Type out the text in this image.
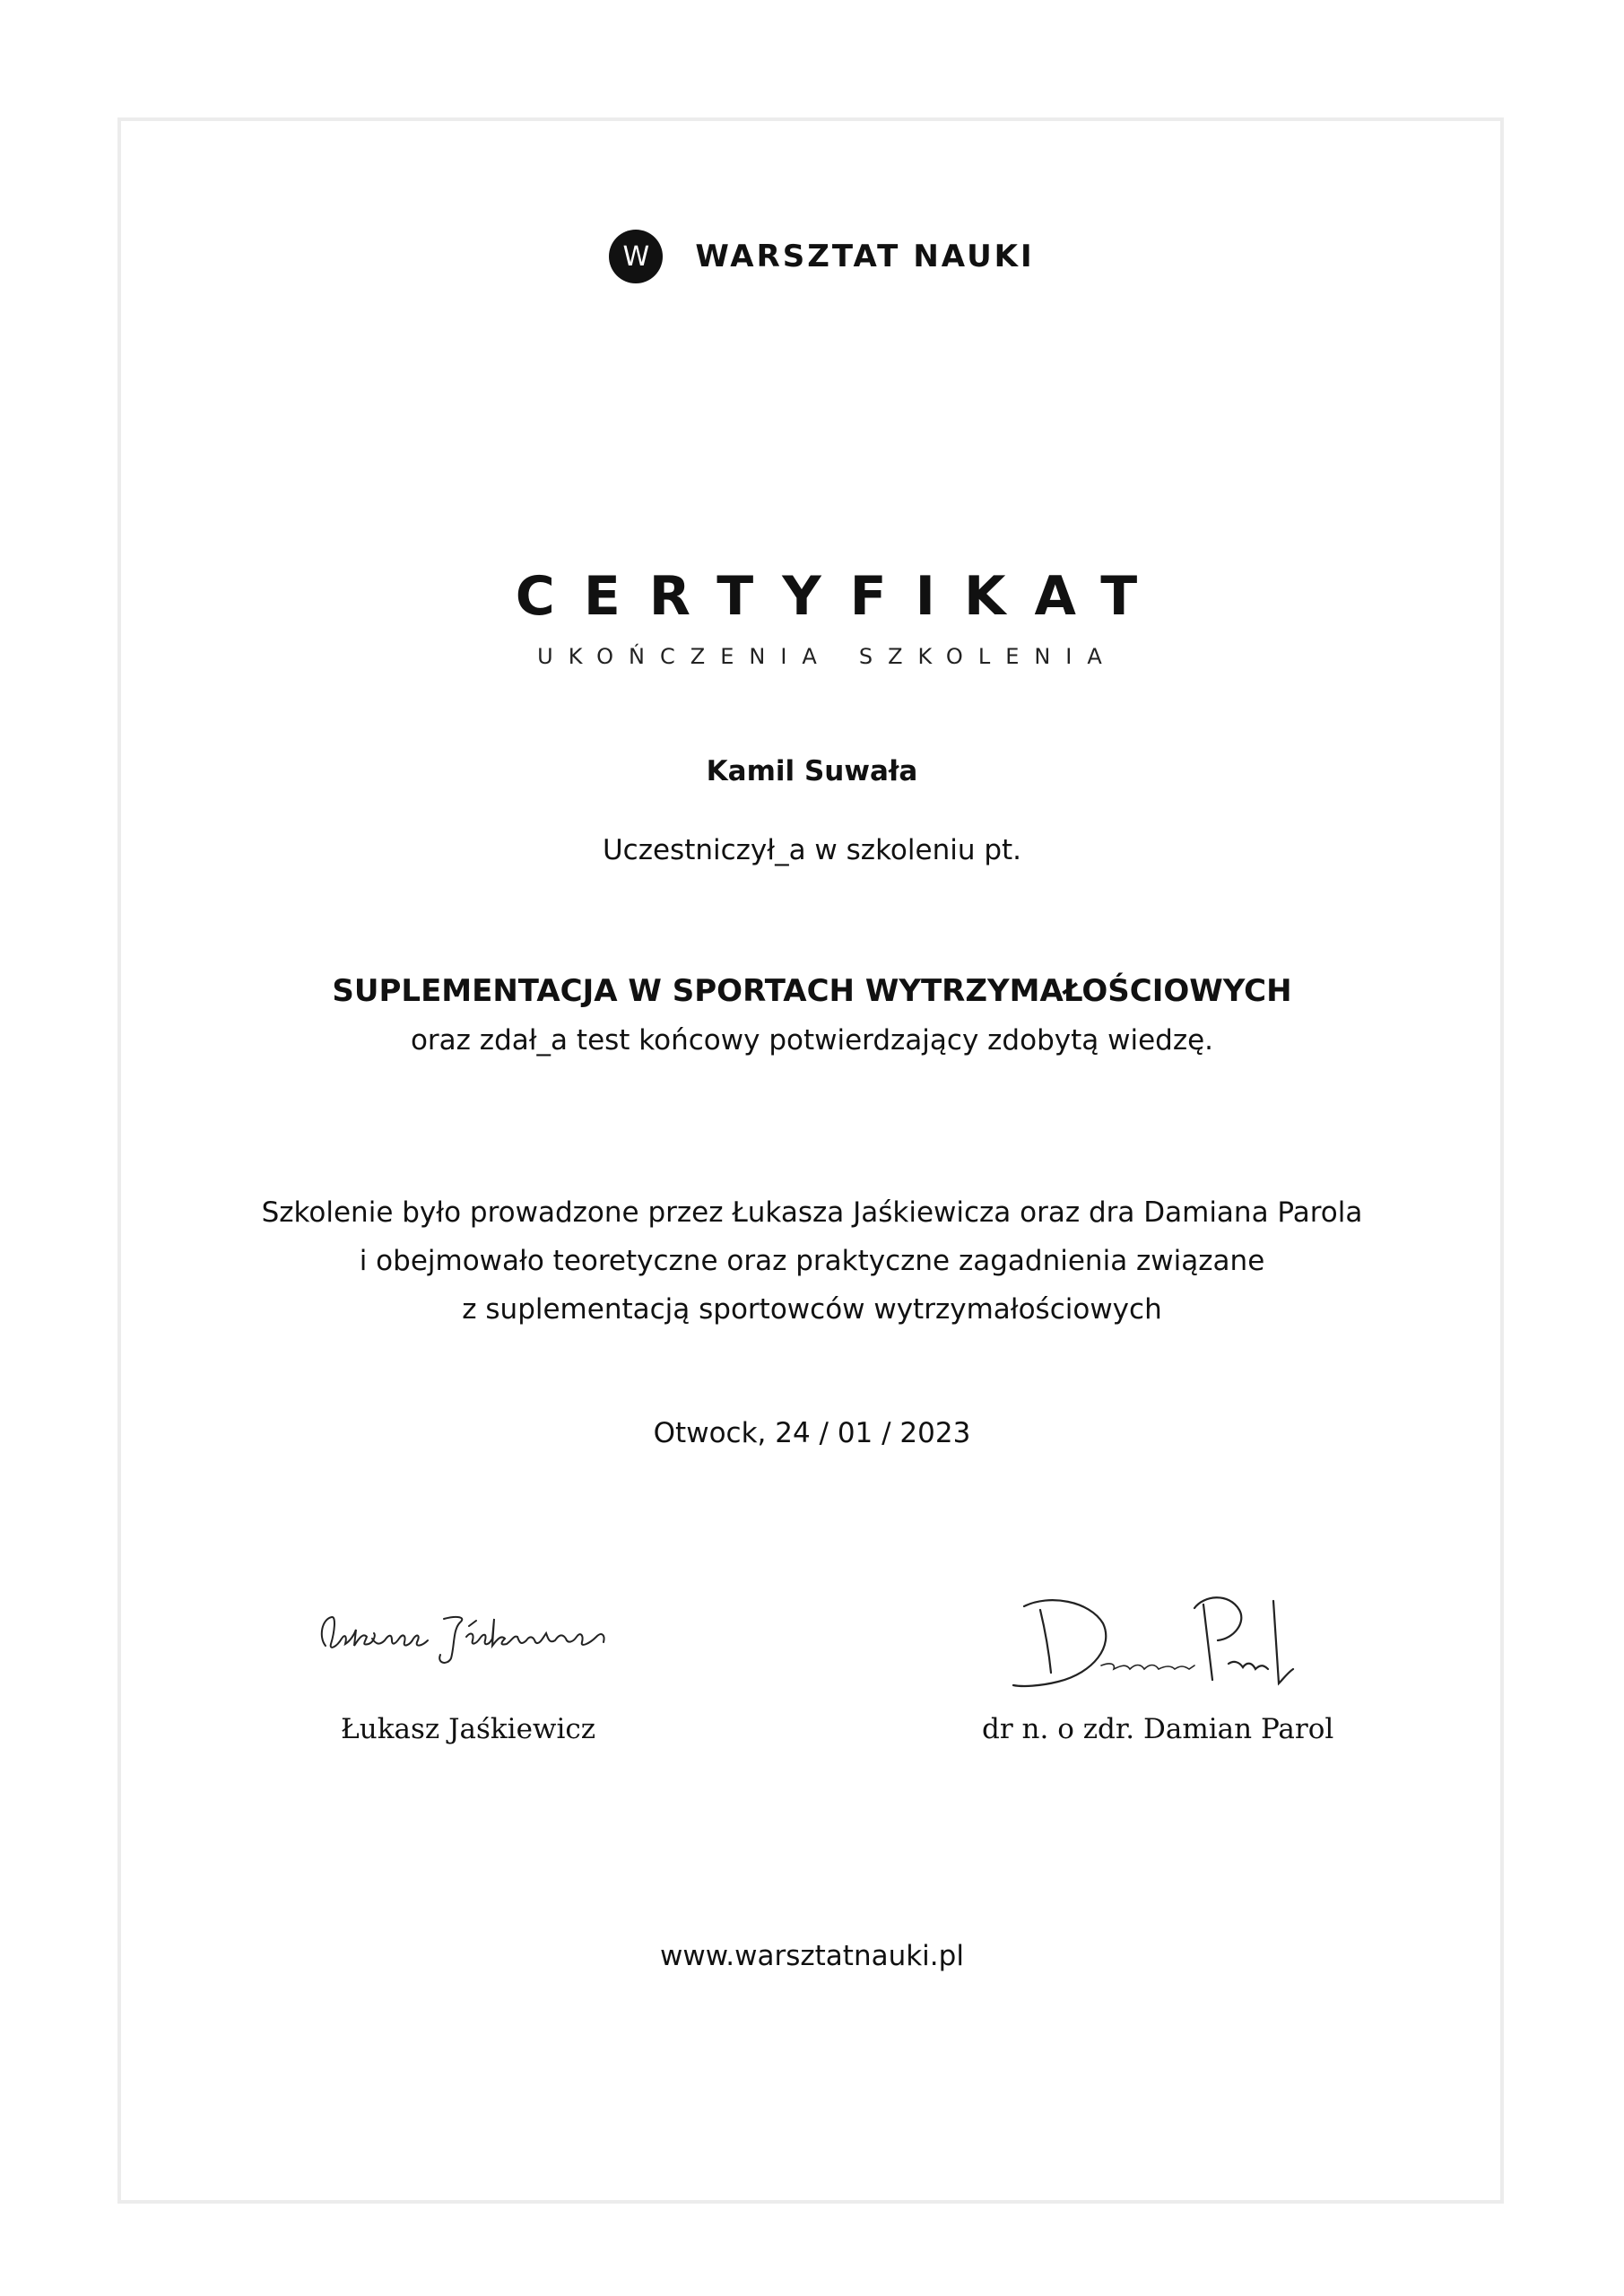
W	WARSZTAT NAUKI
CERTYFIKAT
UKOŃCZENIA SZKOLENIA
Kamil Suwała
Uczestniczył_a w szkoleniu pt.
SUPLEMENTACJA W SPORTACH WYTRZYMAŁOŚCIOWYCH
oraz zdał_a test końcowy potwierdzający zdobytą wiedzę.
Szkolenie było prowadzone przez Łukasza Jaśkiewicza oraz dra Damiana Parola
i obejmowało teoretyczne oraz praktyczne zagadnienia związane
z suplementacją sportowców wytrzymałościowych
Otwock, 24 / 01 / 2023
Łukasz Jaśkiewicz	dr n. o zdr. Damian Parol
www.warsztatnauki.pl
